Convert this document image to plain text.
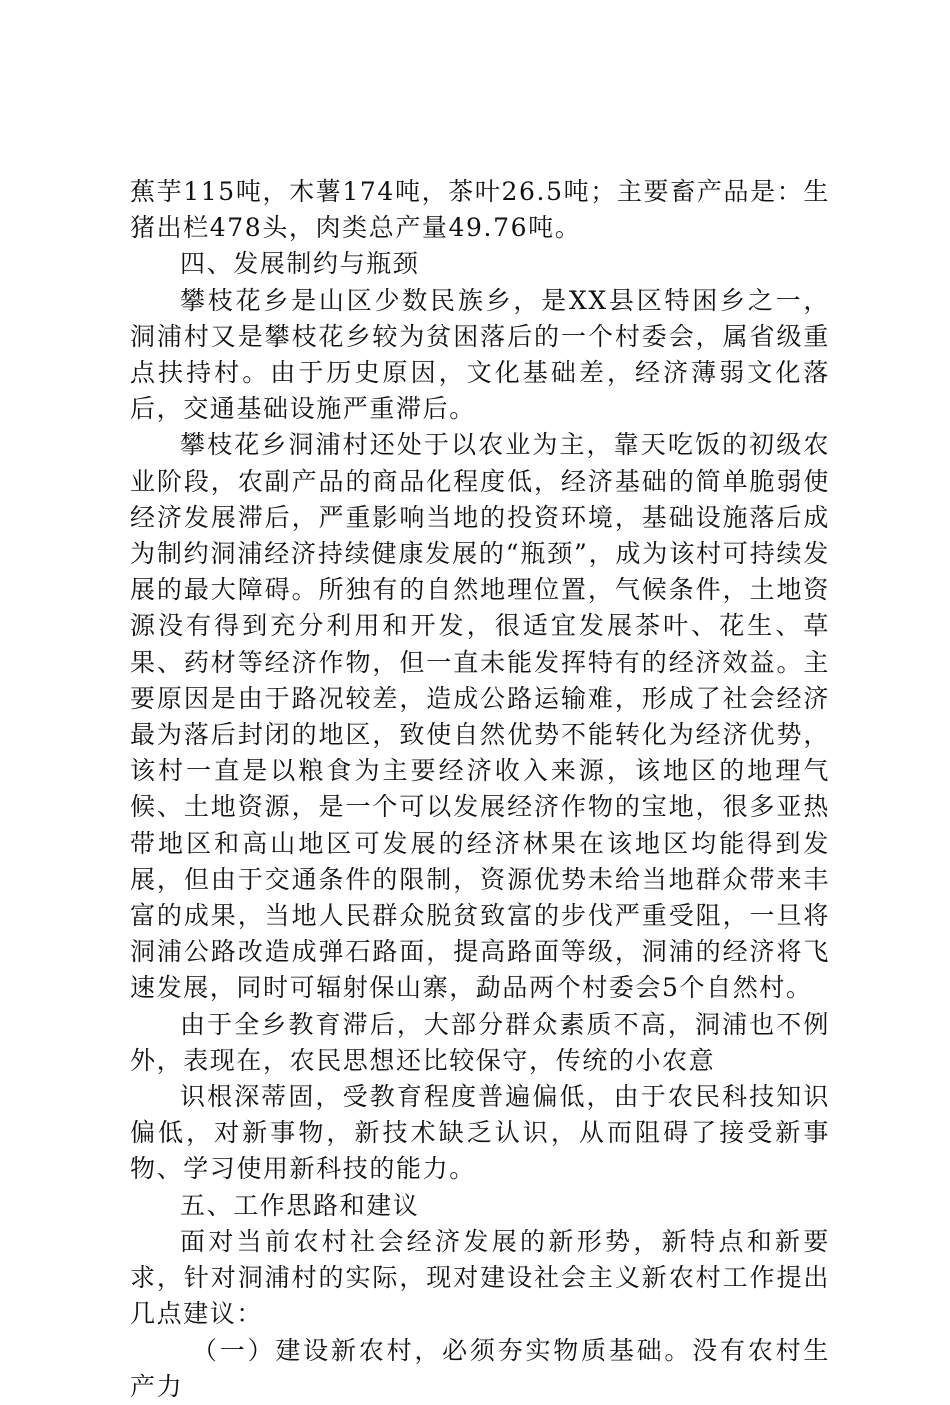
蕉芋115吨，木薯174吨，茶叶26.5吨；主要畜产品是：生猪出栏478头，肉类总产量49.76吨。

四、发展制约与瓶颈

攀枝花乡是山区少数民族乡，是XX县区特困乡之一，洞浦村又是攀枝花乡较为贫困落后的一个村委会，属省级重点扶持村。由于历史原因，文化基础差，经济薄弱文化落后，交通基础设施严重滞后。

攀枝花乡洞浦村还处于以农业为主，靠天吃饭的初级农业阶段，农副产品的商品化程度低，经济基础的简单脆弱使经济发展滞后，严重影响当地的投资环境，基础设施落后成为制约洞浦经济持续健康发展的“瓶颈”，成为该村可持续发展的最大障碍。所独有的自然地理位置，气候条件，土地资源没有得到充分利用和开发，很适宜发展茶叶、花生、草果、药材等经济作物，但一直未能发挥特有的经济效益。主要原因是由于路况较差，造成公路运输难，形成了社会经济最为落后封闭的地区，致使自然优势不能转化为经济优势，该村一直是以粮食为主要经济收入来源，该地区的地理气候、土地资源，是一个可以发展经济作物的宝地，很多亚热带地区和高山地区可发展的经济林果在该地区均能得到发展，但由于交通条件的限制，资源优势未给当地群众带来丰富的成果，当地人民群众脱贫致富的步伐严重受阻，一旦将洞浦公路改造成弹石路面，提高路面等级，洞浦的经济将飞速发展，同时可辐射保山寨，勐品两个村委会5个自然村。

由于全乡教育滞后，大部分群众素质不高，洞浦也不例外，表现在，农民思想还比较保守，传统的小农意

识根深蒂固，受教育程度普遍偏低，由于农民科技知识偏低，对新事物，新技术缺乏认识，从而阻碍了接受新事物、学习使用新科技的能力。

五、工作思路和建议

面对当前农村社会经济发展的新形势，新特点和新要求，针对洞浦村的实际，现对建设社会主义新农村工作提出几点建议：

（一）建设新农村，必须夯实物质基础。没有农村生产力
